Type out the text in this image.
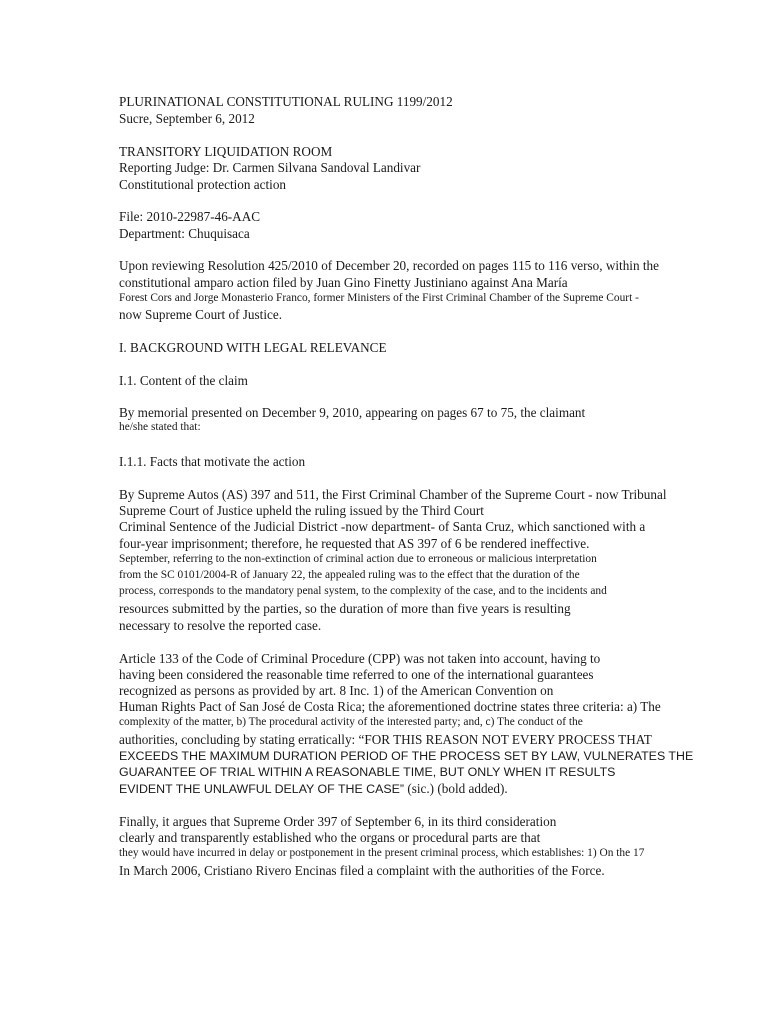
PLURINATIONAL CONSTITUTIONAL RULING 1199/2012
Sucre, September 6, 2012
TRANSITORY LIQUIDATION ROOM
Reporting Judge: Dr. Carmen Silvana Sandoval Landivar
Constitutional protection action
File: 2010-22987-46-AAC
Department: Chuquisaca
Upon reviewing Resolution 425/2010 of December 20, recorded on pages 115 to 116 verso, within the
constitutional amparo action filed by Juan Gino Finetty Justiniano against Ana María
Forest Cors and Jorge Monasterio Franco, former Ministers of the First Criminal Chamber of the Supreme Court -
now Supreme Court of Justice.
I. BACKGROUND WITH LEGAL RELEVANCE
I.1. Content of the claim
By memorial presented on December 9, 2010, appearing on pages 67 to 75, the claimant
he/she stated that:
I.1.1. Facts that motivate the action
By Supreme Autos (AS) 397 and 511, the First Criminal Chamber of the Supreme Court - now Tribunal
Supreme Court of Justice upheld the ruling issued by the Third Court
Criminal Sentence of the Judicial District -now department- of Santa Cruz, which sanctioned with a
four-year imprisonment; therefore, he requested that AS 397 of 6 be rendered ineffective.
September, referring to the non-extinction of criminal action due to erroneous or malicious interpretation
from the SC 0101/2004-R of January 22, the appealed ruling was to the effect that the duration of the
process, corresponds to the mandatory penal system, to the complexity of the case, and to the incidents and
resources submitted by the parties, so the duration of more than five years is resulting
necessary to resolve the reported case.
Article 133 of the Code of Criminal Procedure (CPP) was not taken into account, having to
having been considered the reasonable time referred to one of the international guarantees
recognized as persons as provided by art. 8 Inc. 1) of the American Convention on
Human Rights Pact of San José de Costa Rica; the aforementioned doctrine states three criteria: a) The
complexity of the matter, b) The procedural activity of the interested party; and, c) The conduct of the
authorities, concluding by stating erratically: “FOR THIS REASON NOT EVERY PROCESS THAT
EXCEEDS THE MAXIMUM DURATION PERIOD OF THE PROCESS SET BY LAW, VULNERATES THE
GUARANTEE OF TRIAL WITHIN A REASONABLE TIME, BUT ONLY WHEN IT RESULTS
EVIDENT THE UNLAWFUL DELAY OF THE CASE” (sic.) (bold added).
Finally, it argues that Supreme Order 397 of September 6, in its third consideration
clearly and transparently established who the organs or procedural parts are that
they would have incurred in delay or postponement in the present criminal process, which establishes: 1) On the 17
In March 2006, Cristiano Rivero Encinas filed a complaint with the authorities of the Force.
